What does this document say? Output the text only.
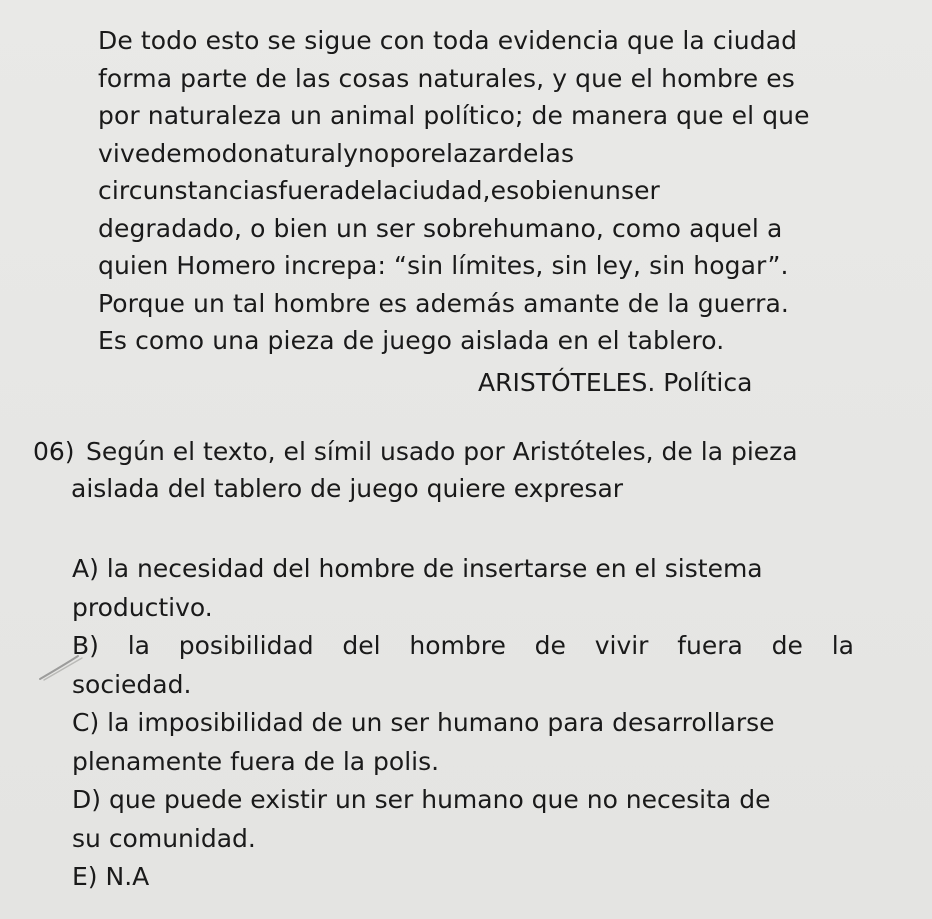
De todo esto se sigue con toda evidencia que la ciudad
forma parte de las cosas naturales, y que el hombre es
por naturaleza un animal político; de manera que el que
vivedemodonaturalynoporelazardelas
circunstanciasfueradelaciudad,esobienunser
degradado, o bien un ser sobrehumano, como aquel a
quien Homero increpa: “sin límites, sin ley, sin hogar”.
Porque un tal hombre es además amante de la guerra.
Es como una pieza de juego aislada en el tablero.
ARISTÓTELES. Política
06) Según el texto, el símil usado por Aristóteles, de la pieza
aislada del tablero de juego quiere expresar
A) la necesidad del hombre de insertarse en el sistema
productivo.
B) la posibilidad del hombre de vivir fuera de la
sociedad.
C) la imposibilidad de un ser humano para desarrollarse
plenamente fuera de la polis.
D) que puede existir un ser humano que no necesita de
su comunidad.
E) N.A
